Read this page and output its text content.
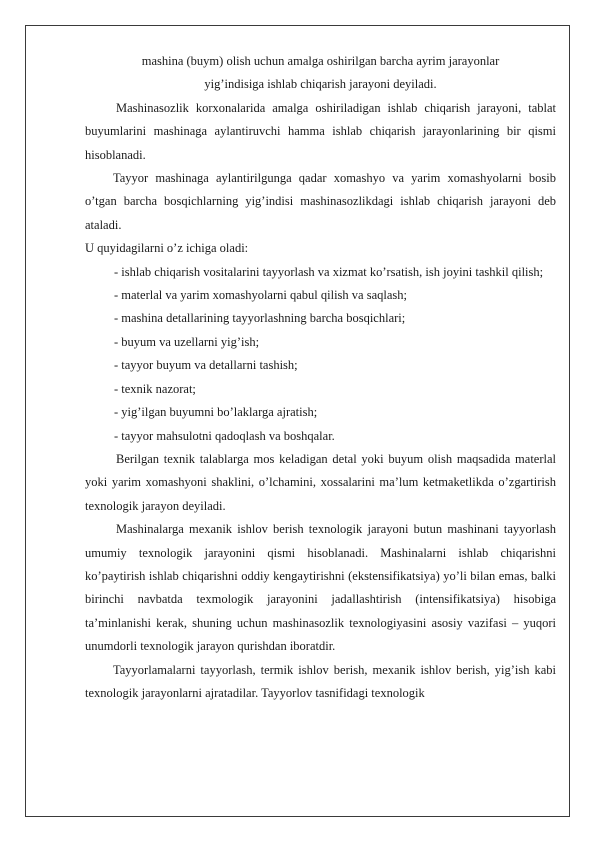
mashina (buym) olish uchun amalga oshirilgan barcha ayrim jarayonlar

yig’indisiga ishlab chiqarish jarayoni deyiladi.

Mashinasozlik korxonalarida amalga oshiriladigan ishlab chiqarish jarayoni, tablat buyumlarini mashinaga aylantiruvchi hamma ishlab chiqarish jarayonlarining bir qismi hisoblanadi.

Tayyor mashinaga aylantirilgunga qadar xomashyo va yarim xomashyolarni bosib o’tgan barcha bosqichlarning yig’indisi mashinasozlikdagi ishlab chiqarish jarayoni deb ataladi.

U quyidagilarni o’z ichiga oladi:

- ishlab chiqarish vositalarini tayyorlash va xizmat ko’rsatish, ish joyini tashkil qilish;

- materlal va yarim xomashyolarni qabul qilish va saqlash;

- mashina detallarining tayyorlashning barcha bosqichlari;

- buyum va uzellarni yig’ish;

- tayyor buyum va detallarni tashish;

- texnik nazorat;

- yig’ilgan buyumni bo’laklarga ajratish;

- tayyor mahsulotni qadoqlash va boshqalar.

Berilgan texnik talablarga mos keladigan detal yoki buyum olish maqsadida materlal yoki yarim xomashyoni shaklini, o’lchamini, xossalarini ma’lum ketmaketlikda o’zgartirish texnologik jarayon deyiladi.

Mashinalarga mexanik ishlov berish texnologik jarayoni butun mashinani tayyorlash umumiy texnologik jarayonini qismi hisoblanadi. Mashinalarni ishlab chiqarishni ko’paytirish ishlab chiqarishni oddiy kengaytirishni (ekstensifikatsiya) yo’li bilan emas, balki birinchi navbatda texmologik jarayonini jadallashtirish (intensifikatsiya) hisobiga ta’minlanishi kerak, shuning uchun mashinasozlik texnologiyasini asosiy vazifasi – yuqori unumdorli texnologik jarayon qurishdan iboratdir.

Tayyorlamalarni tayyorlash, termik ishlov berish, mexanik ishlov berish, yig’ish kabi texnologik jarayonlarni ajratadilar. Tayyorlov tasnifidagi texnologik
